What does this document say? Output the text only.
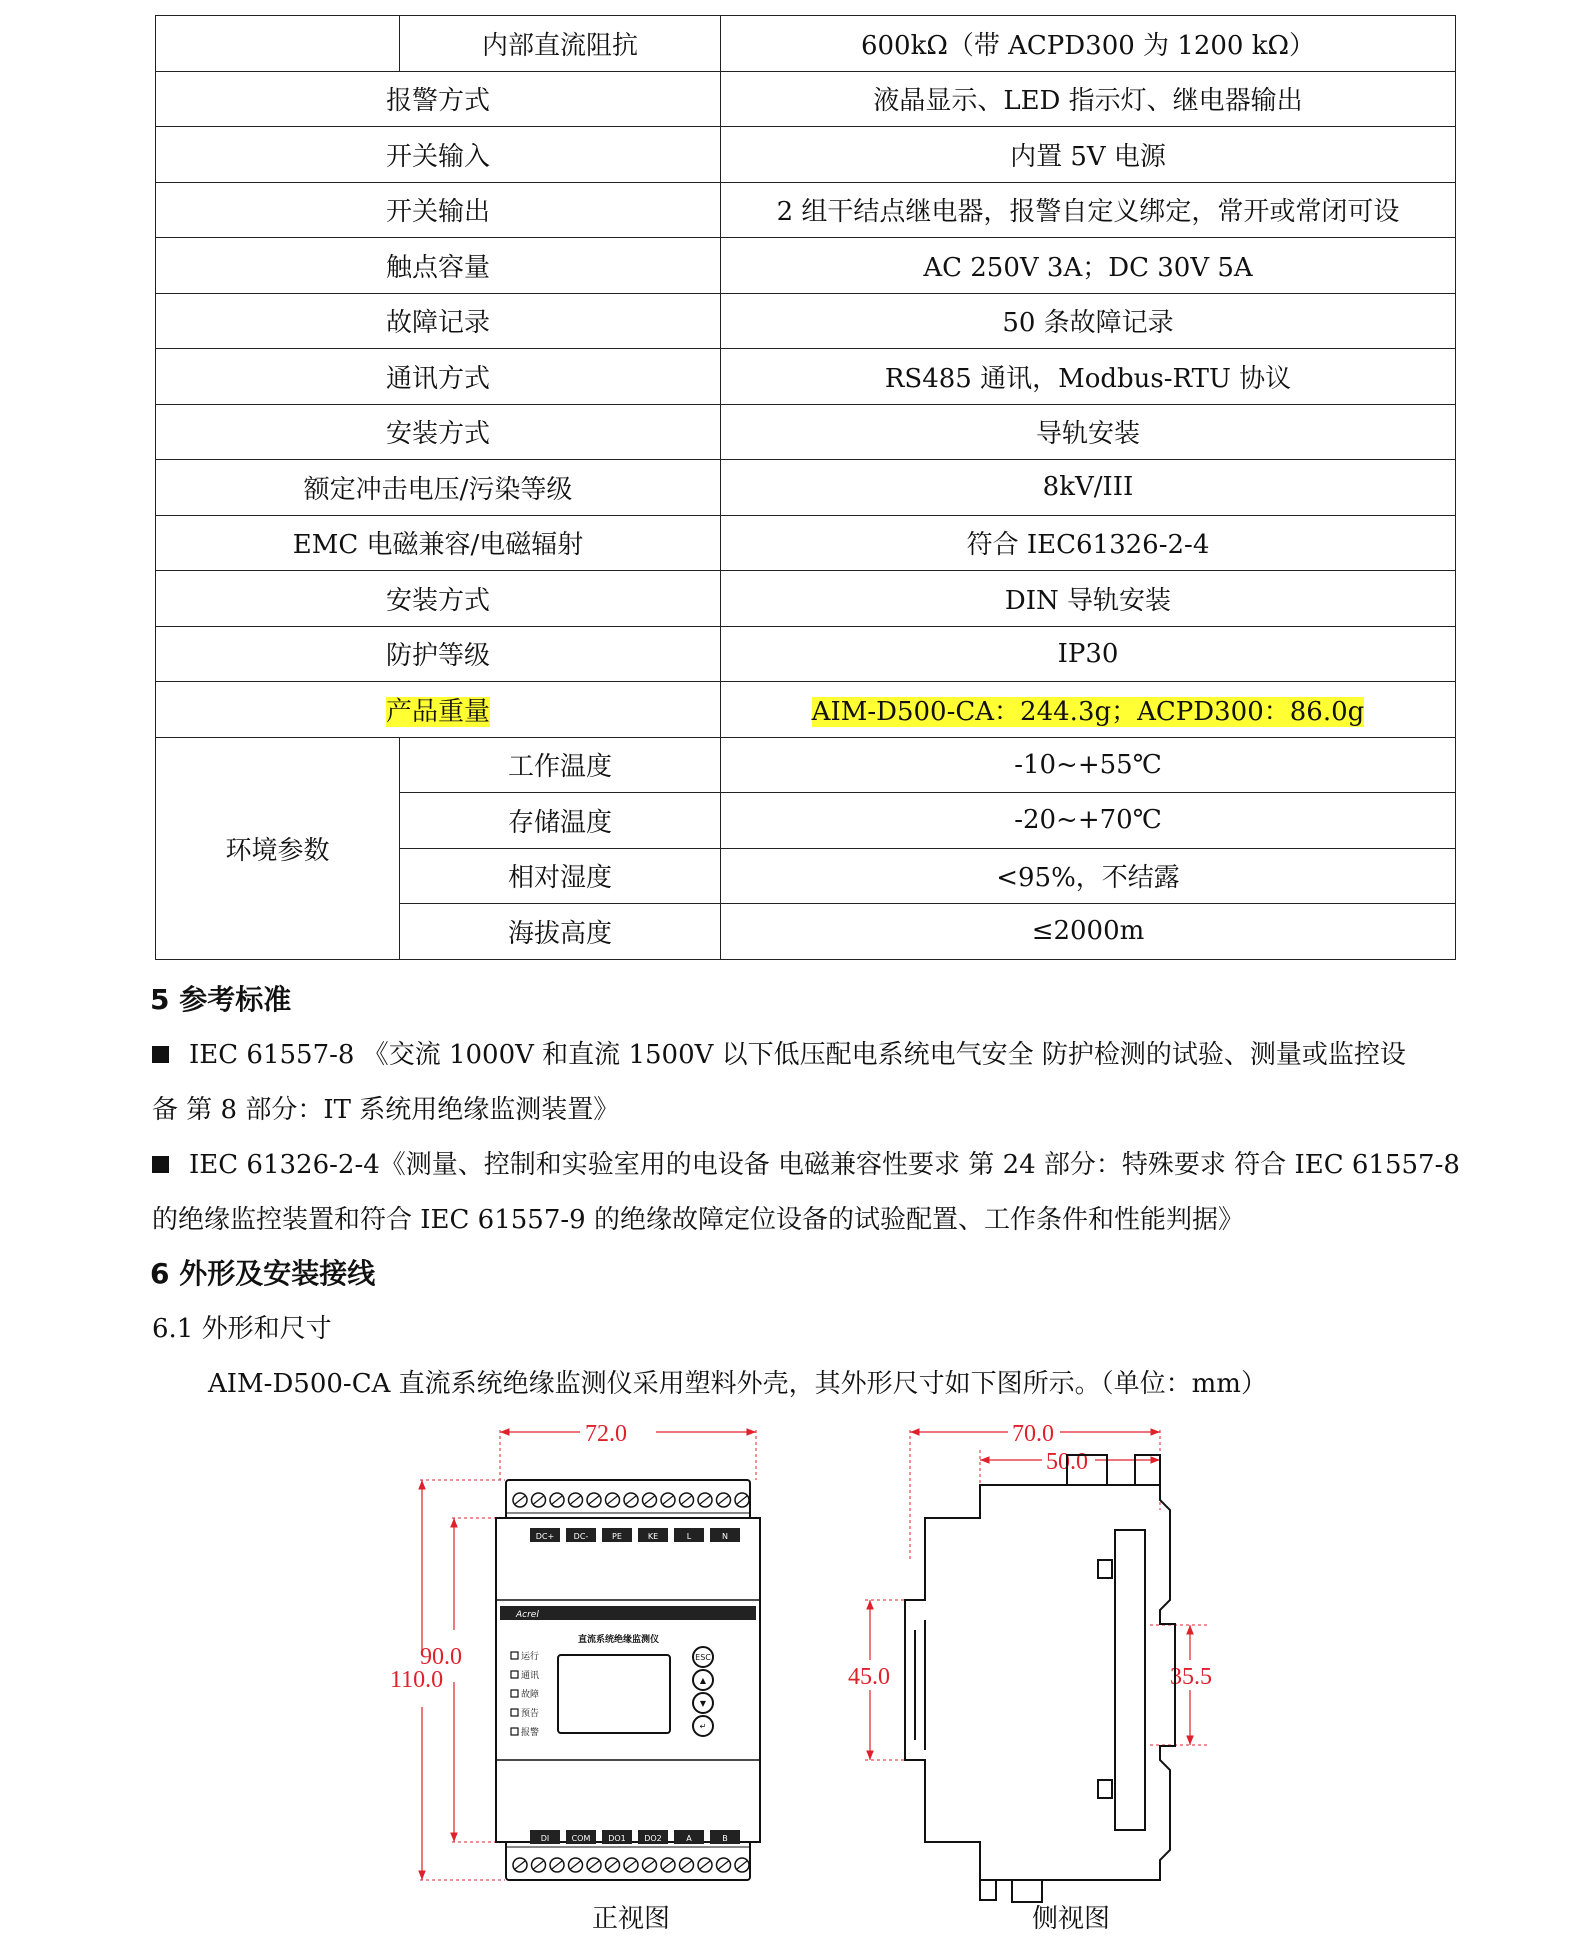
	内部直流阻抗	600kΩ（带 ACPD300 为 1200 kΩ）
报警方式		液晶显示、LED 指示灯、继电器输出
开关输入		内置 5V 电源
开关输出		2 组干结点继电器，报警自定义绑定，常开或常闭可设
触点容量		AC 250V 3A；DC 30V 5A
故障记录		50 条故障记录
通讯方式		RS485 通讯，Modbus-RTU 协议
安装方式		导轨安装
额定冲击电压/污染等级		8kV/III
EMC 电磁兼容/电磁辐射		符合 IEC61326-2-4
安装方式		DIN 导轨安装
防护等级		IP30
产品重量		AIM-D500-CA：244.3g；ACPD300：86.0g
环境参数	工作温度	-10~+55℃
	存储温度	-20~+70℃
	相对湿度	<95%，不结露
	海拔高度	≤2000m
5 参考标准
IEC 61557-8 《交流 1000V 和直流 1500V 以下低压配电系统电气安全 防护检测的试验、测量或监控设
备 第 8 部分：IT 系统用绝缘监测装置》
IEC 61326-2-4《测量、控制和实验室用的电设备 电磁兼容性要求 第 24 部分：特殊要求 符合 IEC 61557-8
的绝缘监控装置和符合 IEC 61557-9 的绝缘故障定位设备的试验配置、工作条件和性能判据》
6 外形及安装接线
6.1 外形和尺寸
AIM-D500-CA 直流系统绝缘监测仪采用塑料外壳，其外形尺寸如下图所示。（单位：mm）
72.0
110.0
90.0
Acrel
直流系统绝缘监测仪
运行
通讯
故障
预告
报警
ESC
▲
▼
↵
DC+ DC-	PE	KE	L	N
DI	COM DO1 DO2	A	B
正视图
70.0
50.0
45.0	35.5
侧视图
